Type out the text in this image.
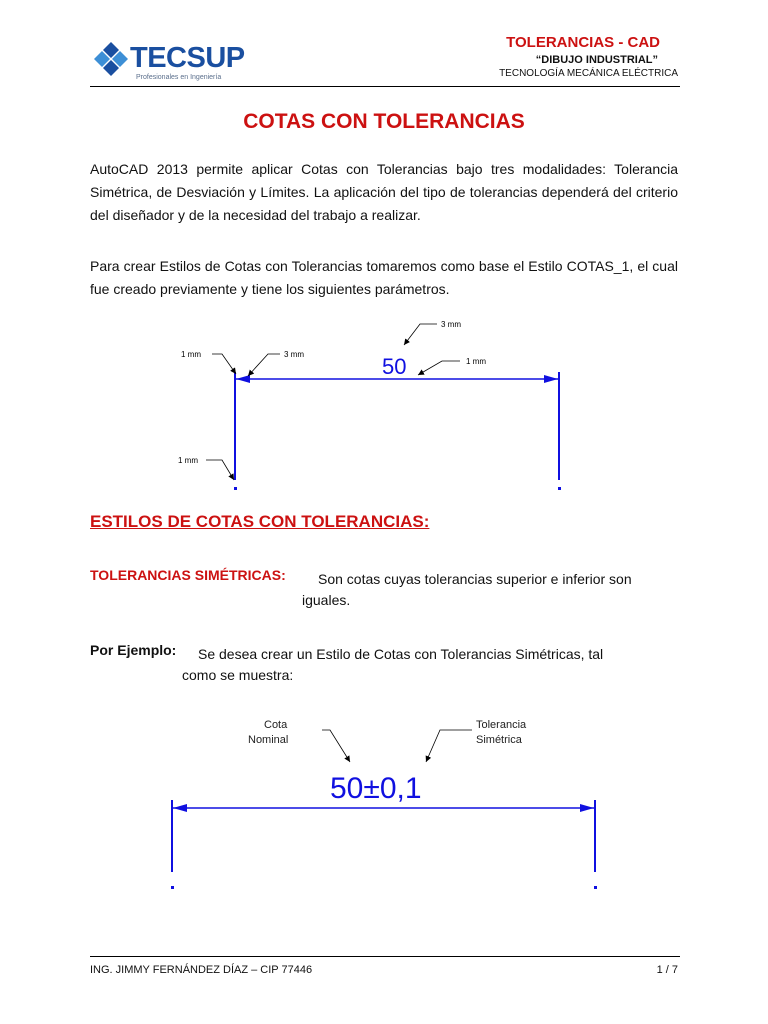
TECSUP
Profesionales en Ingeniería
TOLERANCIAS - CAD
“DIBUJO INDUSTRIAL”
TECNOLOGÍA MECÁNICA ELÉCTRICA
COTAS CON TOLERANCIAS
AutoCAD 2013 permite aplicar Cotas con Tolerancias bajo tres modalidades: Tolerancia Simétrica, de Desviación y Límites. La aplicación del tipo de tolerancias dependerá del criterio del diseñador y de la necesidad del trabajo a realizar.
Para crear Estilos de Cotas con Tolerancias tomaremos como base el Estilo COTAS_1, el cual fue creado previamente y tiene los siguientes parámetros.
50
1 mm	3 mm
3 mm
1 mm
1 mm
ESTILOS DE COTAS CON TOLERANCIAS:
TOLERANCIAS SIMÉTRICAS: Son cotas cuyas tolerancias superior e inferior son
iguales.
Por Ejemplo: Se desea crear un Estilo de Cotas con Tolerancias Simétricas, tal
como se muestra:
50±0,1
Cota
Nominal
Tolerancia
Simétrica
ING. JIMMY FERNÁNDEZ DÍAZ – CIP 77446	1 / 7
